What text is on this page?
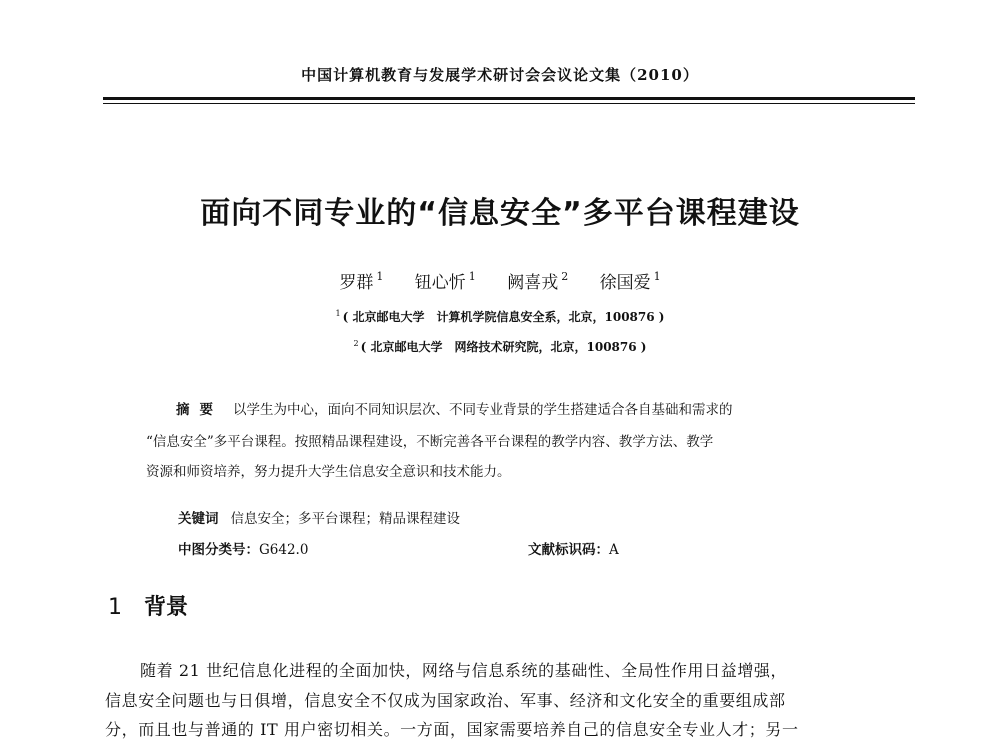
中国计算机教育与发展学术研讨会会议论文集（2010）
面向不同专业的“信息安全”多平台课程建设
罗群 $^1$ 钮心忻 $^1$ 阙喜戎 $^2$ 徐国爱 $^1$
$^1$ ( 北京邮电大学　计算机学院信息安全系，北京，100876 )
$^2$ ( 北京邮电大学　网络技术研究院，北京，100876 )
摘要 以学生为中心，面向不同知识层次、不同专业背景的学生搭建适合各自基础和需求的
“信息安全”多平台课程。按照精品课程建设，不断完善各平台课程的教学内容、教学方法、教学
资源和师资培养，努力提升大学生信息安全意识和技术能力。
关键词 信息安全；多平台课程；精品课程建设
中图分类号：G642.0	文献标识码：A
1 背景
随着 21 世纪信息化进程的全面加快，网络与信息系统的基础性、全局性作用日益增强，
信息安全问题也与日俱增，信息安全不仅成为国家政治、军事、经济和文化安全的重要组成部
分，而且也与普通的 IT 用户密切相关。一方面，国家需要培养自己的信息安全专业人才；另一
